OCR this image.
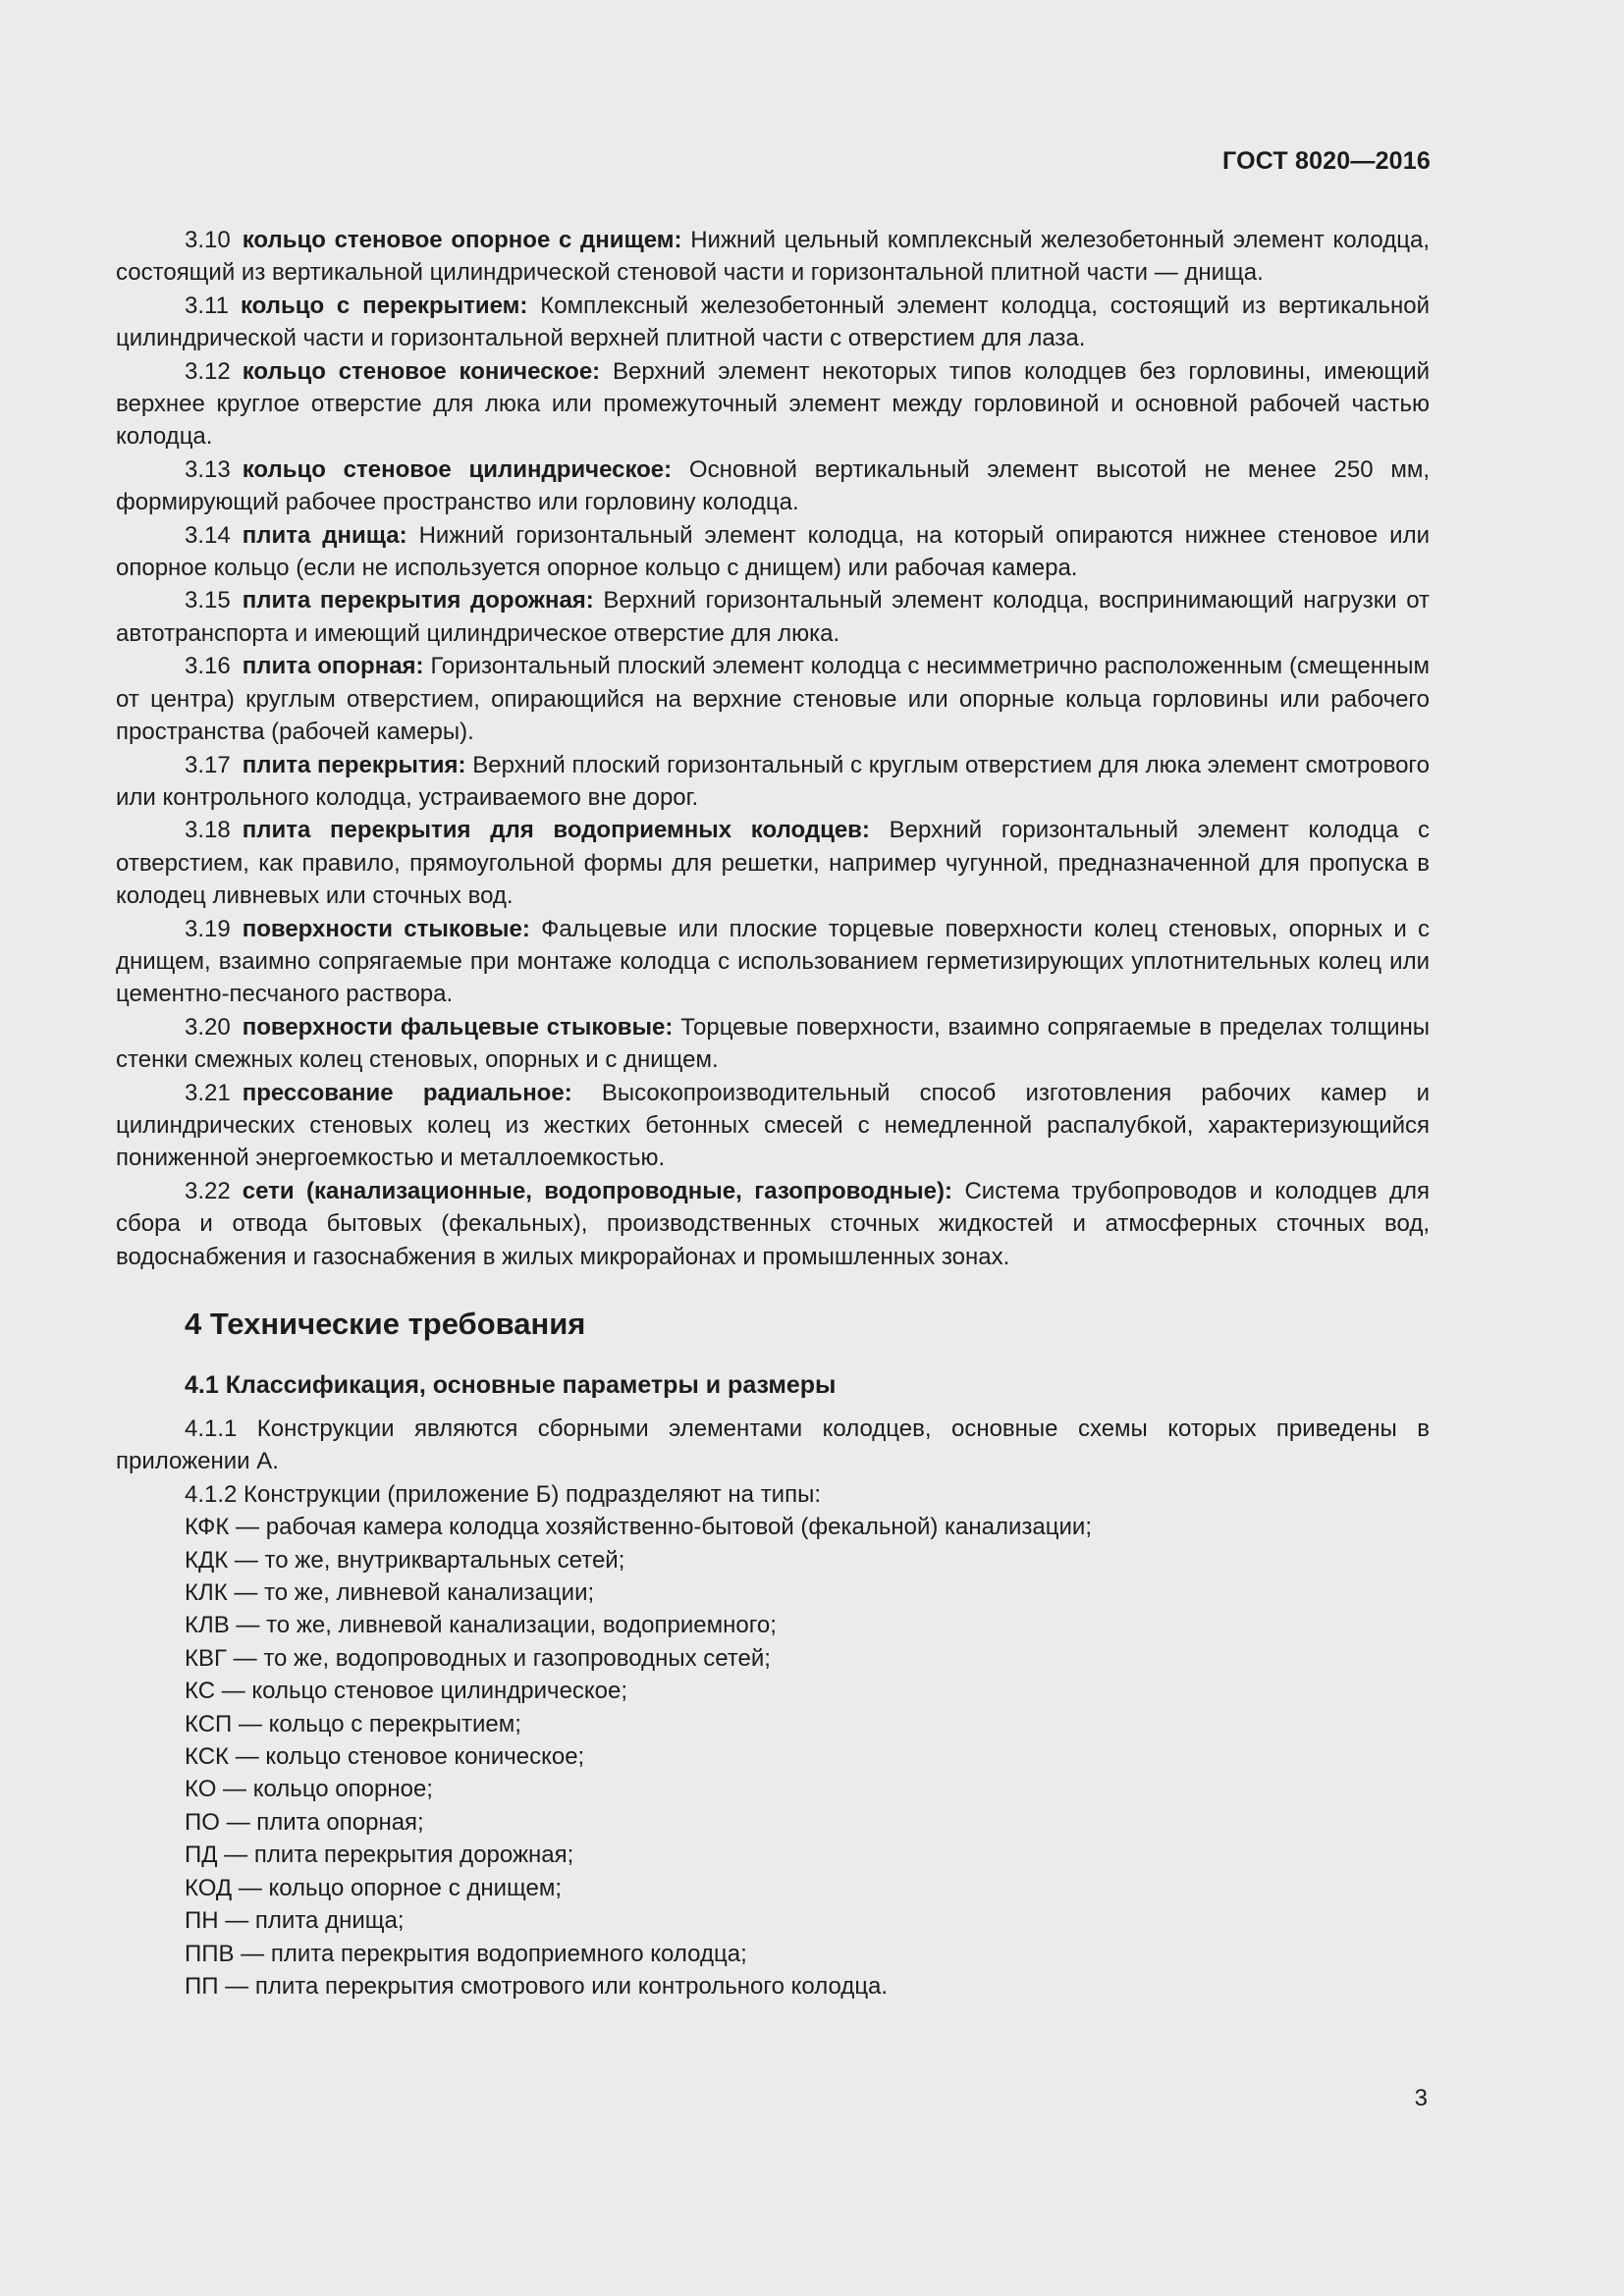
ГОСТ 8020—2016

3.10 кольцо стеновое опорное с днищем: Нижний цельный комплексный железобетонный элемент колодца, состоящий из вертикальной цилиндрической стеновой части и горизонтальной плитной части — днища.

3.11 кольцо с перекрытием: Комплексный железобетонный элемент колодца, состоящий из вертикальной цилиндрической части и горизонтальной верхней плитной части с отверстием для лаза.

3.12 кольцо стеновое коническое: Верхний элемент некоторых типов колодцев без горловины, имеющий верхнее круглое отверстие для люка или промежуточный элемент между горловиной и основной рабочей частью колодца.

3.13 кольцо стеновое цилиндрическое: Основной вертикальный элемент высотой не менее 250 мм, формирующий рабочее пространство или горловину колодца.

3.14 плита днища: Нижний горизонтальный элемент колодца, на который опираются нижнее стеновое или опорное кольцо (если не используется опорное кольцо с днищем) или рабочая камера.

3.15 плита перекрытия дорожная: Верхний горизонтальный элемент колодца, воспринимающий нагрузки от автотранспорта и имеющий цилиндрическое отверстие для люка.

3.16 плита опорная: Горизонтальный плоский элемент колодца с несимметрично расположенным (смещенным от центра) круглым отверстием, опирающийся на верхние стеновые или опорные кольца горловины или рабочего пространства (рабочей камеры).

3.17 плита перекрытия: Верхний плоский горизонтальный с круглым отверстием для люка элемент смотрового или контрольного колодца, устраиваемого вне дорог.

3.18 плита перекрытия для водоприемных колодцев: Верхний горизонтальный элемент колодца с отверстием, как правило, прямоугольной формы для решетки, например чугунной, предназначенной для пропуска в колодец ливневых или сточных вод.

3.19 поверхности стыковые: Фальцевые или плоские торцевые поверхности колец стеновых, опорных и с днищем, взаимно сопрягаемые при монтаже колодца с использованием герметизирующих уплотнительных колец или цементно-песчаного раствора.

3.20 поверхности фальцевые стыковые: Торцевые поверхности, взаимно сопрягаемые в пределах толщины стенки смежных колец стеновых, опорных и с днищем.

3.21 прессование радиальное: Высокопроизводительный способ изготовления рабочих камер и цилиндрических стеновых колец из жестких бетонных смесей с немедленной распалубкой, характеризующийся пониженной энергоемкостью и металлоемкостью.

3.22 сети (канализационные, водопроводные, газопроводные): Система трубопроводов и колодцев для сбора и отвода бытовых (фекальных), производственных сточных жидкостей и атмосферных сточных вод, водоснабжения и газоснабжения в жилых микрорайонах и промышленных зонах.

4 Технические требования
4.1 Классификация, основные параметры и размеры

4.1.1 Конструкции являются сборными элементами колодцев, основные схемы которых приведены в приложении А.

4.1.2 Конструкции (приложение Б) подразделяют на типы:

КФК — рабочая камера колодца хозяйственно-бытовой (фекальной) канализации;
КДК — то же, внутриквартальных сетей;
КЛК — то же, ливневой канализации;
КЛВ — то же, ливневой канализации, водоприемного;
КВГ — то же, водопроводных и газопроводных сетей;
КС — кольцо стеновое цилиндрическое;
КСП — кольцо с перекрытием;
КСК — кольцо стеновое коническое;
КО — кольцо опорное;
ПО — плита опорная;
ПД — плита перекрытия дорожная;
КОД — кольцо опорное с днищем;
ПН — плита днища;
ППВ — плита перекрытия водоприемного колодца;
ПП — плита перекрытия смотрового или контрольного колодца.
3
